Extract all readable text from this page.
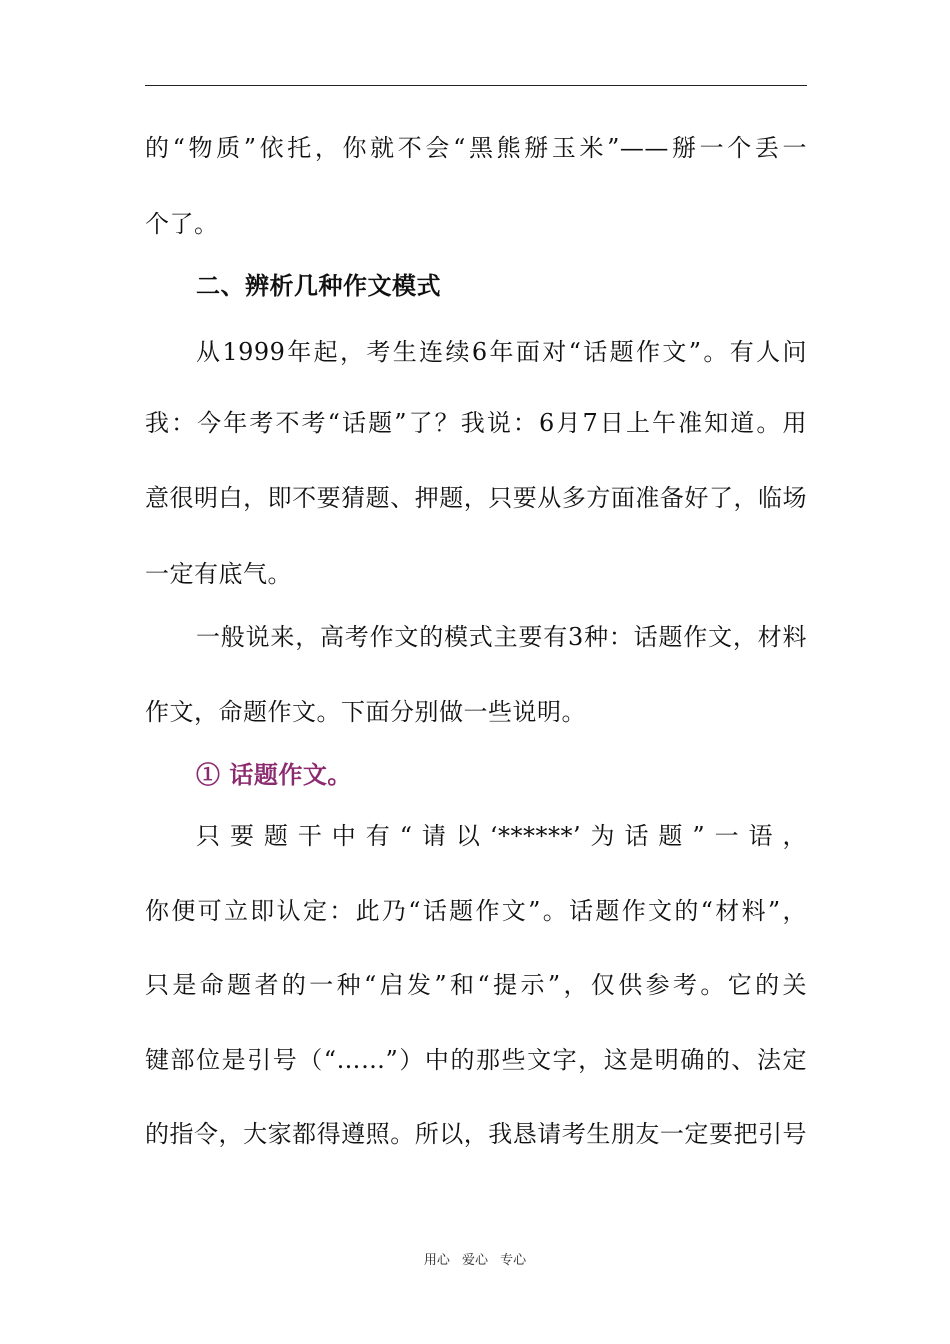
的“物质”依托，你就不会“黑熊掰玉米”——掰一个丢一
个了。
二、辨析几种作文模式
从1999年起，考生连续6年面对“话题作文”。有人问
我：今年考不考“话题”了？我说：6月7日上午准知道。用
意很明白，即不要猜题、押题，只要从多方面准备好了，临场
一定有底气。
一般说来，高考作文的模式主要有3种：话题作文，材料
作文，命题作文。下面分别做一些说明。
① 话题作文。
只要题干中有“请以‘******’为话题”一语，
你便可立即认定：此乃“话题作文”。话题作文的“材料”，
只是命题者的一种“启发”和“提示”，仅供参考。它的关
键部位是引号（“……”）中的那些文字，这是明确的、法定
的指令，大家都得遵照。所以，我恳请考生朋友一定要把引号
用心 爱心 专心
